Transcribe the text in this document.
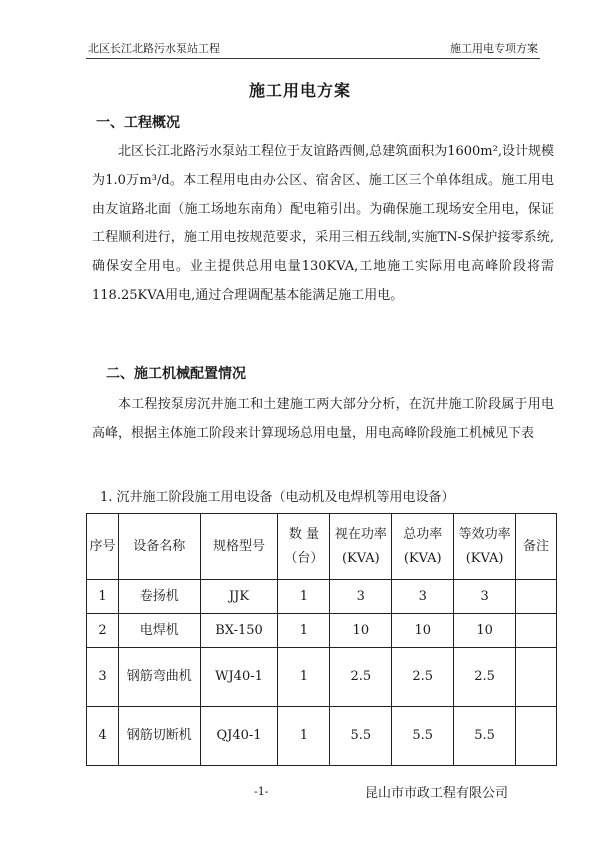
北区长江北路污水泵站工程	施工用电专项方案
施工用电方案
一、工程概况
北区长江北路污水泵站工程位于友谊路西侧,总建筑面积为1600m²,设计规模为1.0万m³/d。本工程用电由办公区、宿舍区、施工区三个单体组成。施工用电由友谊路北面（施工场地东南角）配电箱引出。为确保施工现场安全用电，保证工程顺利进行，施工用电按规范要求，采用三相五线制,实施TN-S保护接零系统,确保安全用电。业主提供总用电量130KVA,工地施工实际用电高峰阶段将需118.25KVA用电,通过合理调配基本能满足施工用电。
二、施工机械配置情况
本工程按泵房沉井施工和土建施工两大部分分析，在沉井施工阶段属于用电高峰，根据主体施工阶段来计算现场总用电量，用电高峰阶段施工机械见下表
1. 沉井施工阶段施工用电设备（电动机及电焊机等用电设备）
序号	设备名称	规格型号	数 量（台）	视在功率(KVA)	总功率(KVA)	等效功率(KVA)	备注
1	卷扬机	JJK	1	3	3	3	
2	电焊机	BX-150	1	10	10	10	
3	钢筋弯曲机	WJ40-1	1	2.5	2.5	2.5	
4	钢筋切断机	QJ40-1	1	5.5	5.5	5.5	
-1-	昆山市市政工程有限公司
